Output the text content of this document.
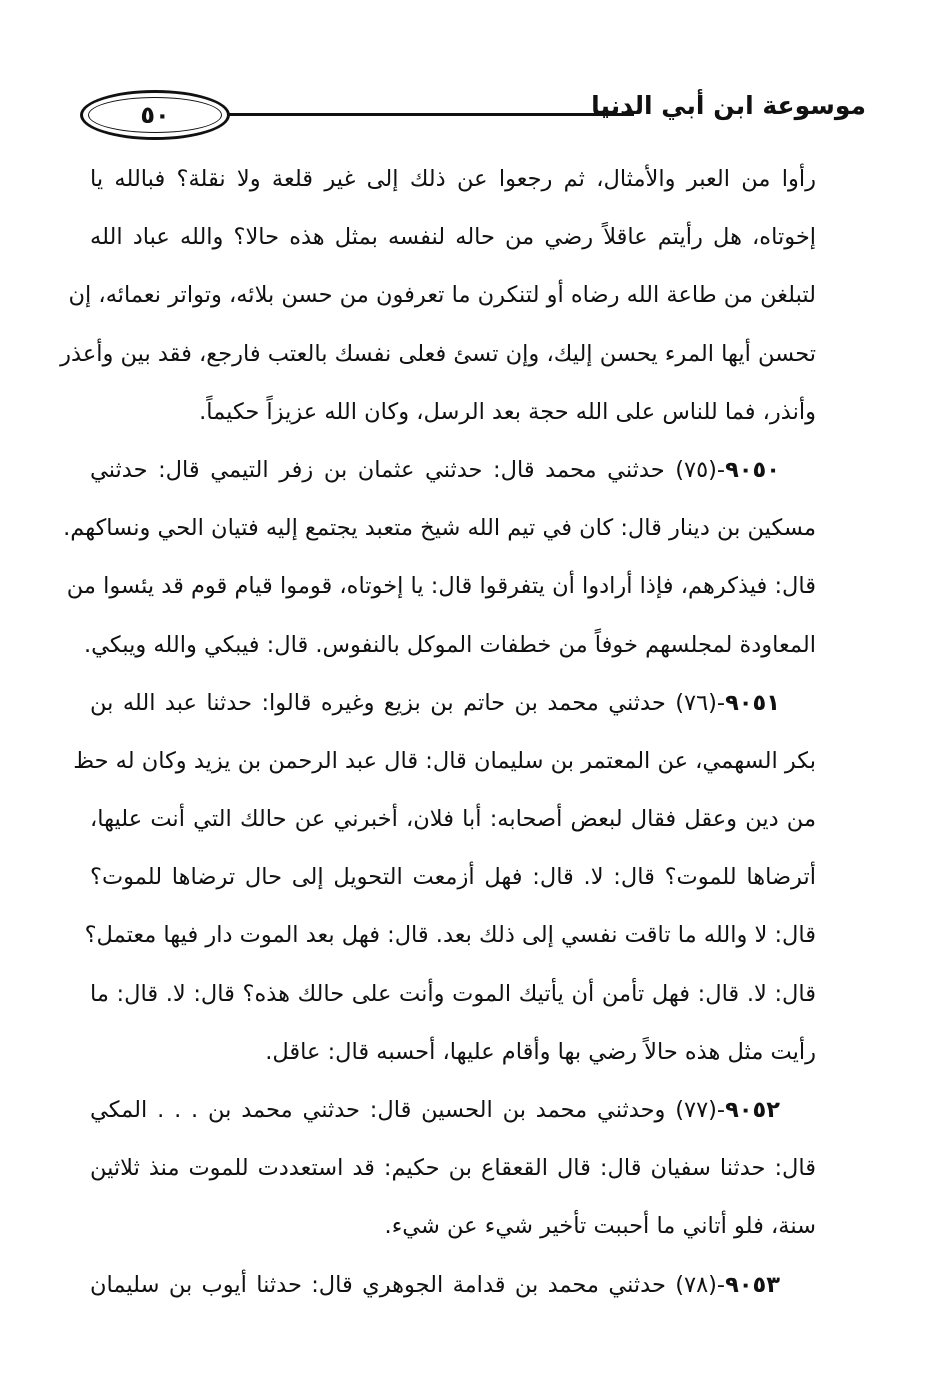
٥٠	موسوعة ابن أبي الدنيا
رأوا من العبر والأمثال، ثم رجعوا عن ذلك إلى غير قلعة ولا نقلة؟ فبالله يا
إخوتاه، هل رأيتم عاقلاً رضي من حاله لنفسه بمثل هذه حالا؟ والله عباد الله
لتبلغن من طاعة الله رضاه أو لتنكرن ما تعرفون من حسن بلائه، وتواتر نعمائه، إن
تحسن أيها المرء يحسن إليك، وإن تسئ فعلى نفسك بالعتب فارجع، فقد بين وأعذر
وأنذر، فما للناس على الله حجة بعد الرسل، وكان الله عزيزاً حكيماً.
٩٠٥٠-(٧٥) حدثني محمد قال: حدثني عثمان بن زفر التيمي قال: حدثني
مسكين بن دينار قال: كان في تيم الله شيخ متعبد يجتمع إليه فتيان الحي ونساكهم.
قال: فيذكرهم، فإذا أرادوا أن يتفرقوا قال: يا إخوتاه، قوموا قيام قوم قد يئسوا من
المعاودة لمجلسهم خوفاً من خطفات الموكل بالنفوس. قال: فيبكي والله ويبكي.
٩٠٥١-(٧٦) حدثني محمد بن حاتم بن بزيع وغيره قالوا: حدثنا عبد الله بن
بكر السهمي، عن المعتمر بن سليمان قال: قال عبد الرحمن بن يزيد وكان له حظ
من دين وعقل فقال لبعض أصحابه: أبا فلان، أخبرني عن حالك التي أنت عليها،
أترضاها للموت؟ قال: لا. قال: فهل أزمعت التحويل إلى حال ترضاها للموت؟
قال: لا والله ما تاقت نفسي إلى ذلك بعد. قال: فهل بعد الموت دار فيها معتمل؟
قال: لا. قال: فهل تأمن أن يأتيك الموت وأنت على حالك هذه؟ قال: لا. قال: ما
رأيت مثل هذه حالاً رضي بها وأقام عليها، أحسبه قال: عاقل.
٩٠٥٢-(٧٧) وحدثني محمد بن الحسين قال: حدثني محمد بن . . . المكي
قال: حدثنا سفيان قال: قال القعقاع بن حكيم: قد استعددت للموت منذ ثلاثين
سنة، فلو أتاني ما أحببت تأخير شيء عن شيء.
٩٠٥٣-(٧٨) حدثني محمد بن قدامة الجوهري قال: حدثنا أيوب بن سليمان
